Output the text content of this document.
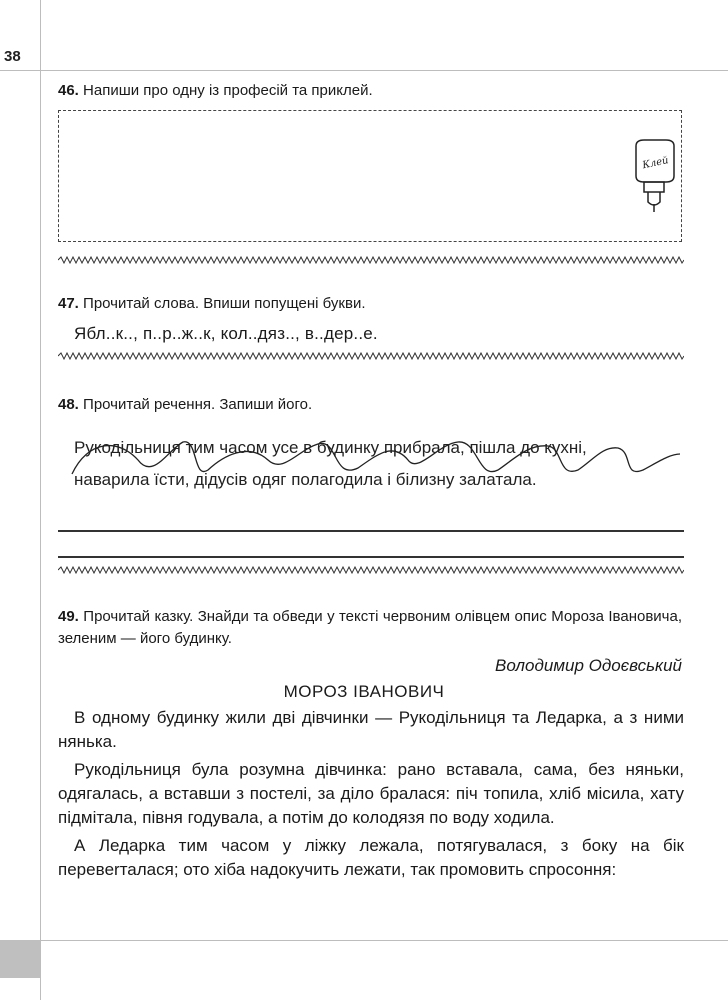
38
46. Напиши про одну із професій та приклей.
Клей
47. Прочитай слова. Впиши попущені букви.
Ябл..к.., п..р..ж..к, кол..дяз.., в..дер..е.
48. Прочитай речення. Запиши його.
Рукодільниця тим часом усе в будинку прибрала, пішла до кухні,
наварила їсти, дідусів одяг полагодила і білизну залатала.
49. Прочитай казку. Знайди та обведи у тексті червоним олівцем опис Мороза Івановича, зеленим — його будинку.
Володимир Одоєвський
МОРОЗ ІВАНОВИЧ

В одному будинку жили дві дівчинки — Рукодільниця та Ледарка, а з ними нянька.

Рукодільниця була розумна дівчинка: рано вставала, сама, без няньки, одягалась, а вставши з постелі, за діло бралася: піч топила, хліб місила, хату підмітала, півня годувала, а потім до колодязя по воду ходила.

А Ледарка тим часом у ліжку лежала, потягувалася, з боку на бік перевerталася; ото хіба надокучить лежати, так промовить спросоння:
